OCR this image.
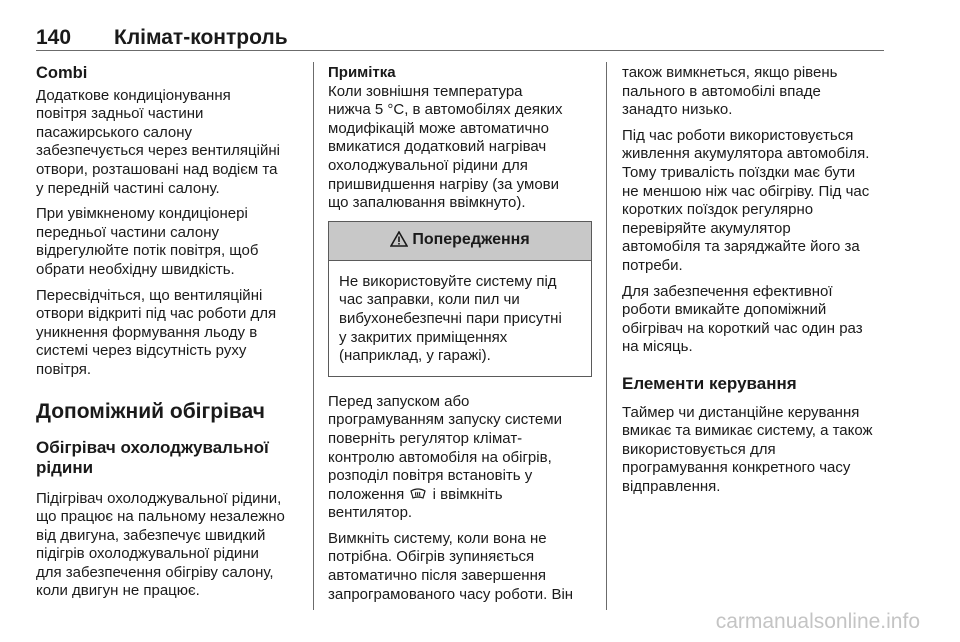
140 Клімат-контроль
Combi

Додаткове кондиціонування
повітря задньої частини
пасажирського салону
забезпечується через вентиляційні
отвори, розташовані над водієм та
у передній частині салону.

При увімкненому кондиціонері
передньої частини салону
відрегулюйте потік повітря, щоб
обрати необхідну швидкість.

Пересвідчіться, що вентиляційні
отвори відкриті під час роботи для
уникнення формування льоду в
системі через відсутність руху
повітря.

Допоміжний обігрівач
Обігрівач охолоджувальної
рідини

Підігрівач охолоджувальної рідини,
що працює на пальному незалежно
від двигуна, забезпечує швидкий
підігрів охолоджувальної рідини
для забезпечення обігріву салону,
коли двигун не працює.

Примітка

Коли зовнішня температура
нижча 5 °C, в автомобілях деяких
модифікацій може автоматично
вмикатися додатковий нагрівач
охолоджувальної рідини для
пришвидшення нагріву (за умови
що запалювання ввімкнуто).

Попередження
Не використовуйте систему під
час заправки, коли пил чи
вибухонебезпечні пари присутні
у закритих приміщеннях
(наприклад, у гаражі).

Перед запуском або
програмуванням запуску системи
поверніть регулятор клімат-
контролю автомобіля на обігрів,
розподіл повітря встановіть у
положення і ввімкніть
вентилятор.

Вимкніть систему, коли вона не
потрібна. Обігрів зупиняється
автоматично після завершення
запрограмованого часу роботи. Він

також вимкнеться, якщо рівень
пального в автомобілі впаде
занадто низько.

Під час роботи використовується
живлення акумулятора автомобіля.
Тому тривалість поїздки має бути
не меншою ніж час обігріву. Під час
коротких поїздок регулярно
перевіряйте акумулятор
автомобіля та заряджайте його за
потреби.

Для забезпечення ефективної
роботи вмикайте допоміжний
обігрівач на короткий час один раз
на місяць.

Елементи керування

Таймер чи дистанційне керування
вмикає та вимикає систему, а також
використовується для
програмування конкретного часу
відправлення.

carmanualsonline.info
